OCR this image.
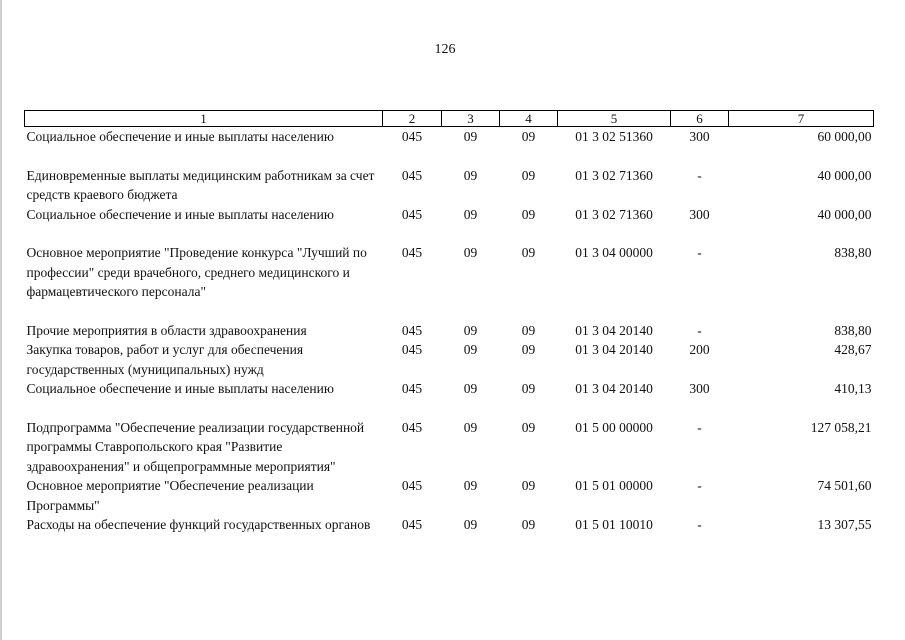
126
1	2	3	4	5	6	7
Социальное обеспечение и иные выплаты населению	045	09	09	01 3 02 51360	300	60 000,00

Единовременные выплаты медицинским работникам за счет средств краевого бюджета	045	09	09	01 3 02 71360	-	40 000,00
Социальное обеспечение и иные выплаты населению	045	09	09	01 3 02 71360	300	40 000,00

Основное мероприятие "Проведение конкурса "Лучший по профессии" среди врачебного, среднего медицинского и фармацевтического персонала"	045	09	09	01 3 04 00000	-	838,80

Прочие мероприятия в области здравоохранения	045	09	09	01 3 04 20140	-	838,80
Закупка товаров, работ и услуг для обеспечения государственных (муниципальных) нужд	045	09	09	01 3 04 20140	200	428,67
Социальное обеспечение и иные выплаты населению	045	09	09	01 3 04 20140	300	410,13

Подпрограмма "Обеспечение реализации государственной программы Ставропольского края "Развитие здравоохранения" и общепрограммные мероприятия"	045	09	09	01 5 00 00000	-	127 058,21
Основное мероприятие "Обеспечение реализации Программы"	045	09	09	01 5 01 00000	-	74 501,60
Расходы на обеспечение функций государственных органов	045	09	09	01 5 01 10010	-	13 307,55
